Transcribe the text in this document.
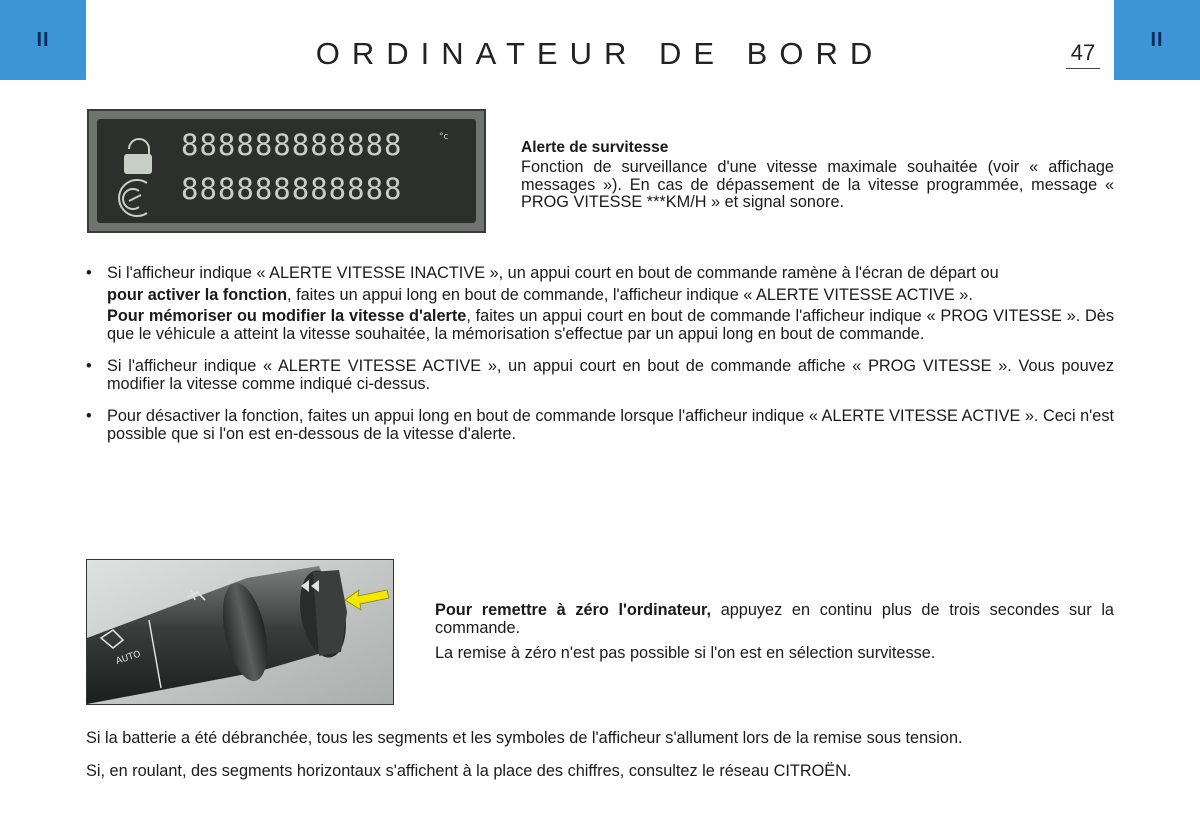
II	ORDINATEUR DE BORD	47
II
888888888888	°c
888888888888
Alerte de survitesse

Fonction de surveillance d'une vitesse maximale souhaitée (voir « affichage messages »). En cas de dépassement de la vitesse programmée, message « PROG VITESSE ***KM/H » et signal sonore.

• Si l'afficheur indique « ALERTE VITESSE INACTIVE », un appui court en bout de commande ramène à l'écran de départ ou

pour activer la fonction, faites un appui long en bout de commande, l'afficheur indique « ALERTE VITESSE ACTIVE ».

Pour mémoriser ou modifier la vitesse d'alerte, faites un appui court en bout de commande l'afficheur indique « PROG VITESSE ». Dès que le véhicule a atteint la vitesse souhaitée, la mémorisation s'effectue par un appui long en bout de commande.

• Si l'afficheur indique « ALERTE VITESSE ACTIVE », un appui court en bout de commande affiche « PROG VITESSE ». Vous pouvez modifier la vitesse comme indiqué ci-dessus.

• Pour désactiver la fonction, faites un appui long en bout de commande lorsque l'afficheur indique « ALERTE VITESSE ACTIVE ». Ceci n'est possible que si l'on est en-dessous de la vitesse d'alerte.

AUTO

Pour remettre à zéro l'ordinateur, appuyez en continu plus de trois secondes sur la commande.

La remise à zéro n'est pas possible si l'on est en sélection survitesse.

Si la batterie a été débranchée, tous les segments et les symboles de l'afficheur s'allument lors de la remise sous tension.

Si, en roulant, des segments horizontaux s'affichent à la place des chiffres, consultez le réseau CITROËN.
